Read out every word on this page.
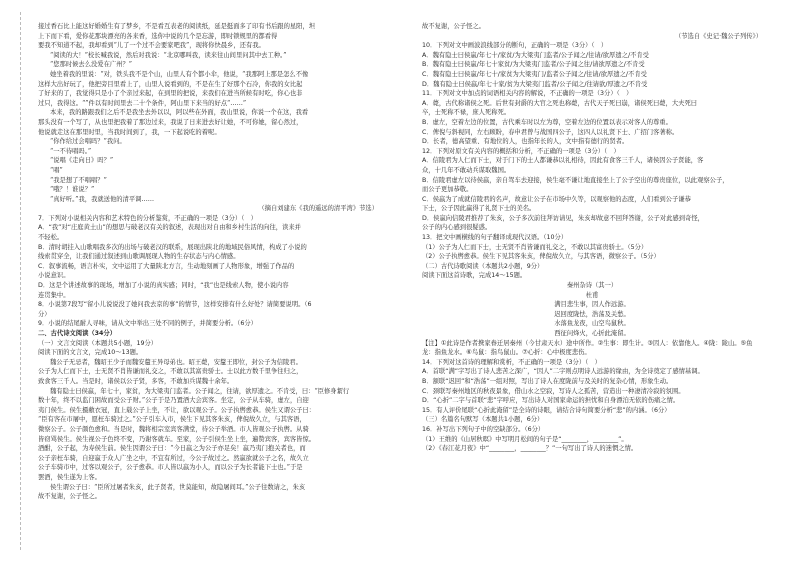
接过香石比上能这好婚婚生有了梦乡，不是看互表老的阅读纸，延是挺面多了印有书后跟的星阳，坦

上下而下看，爱你花那块漂亮的各来香，选你中说的几个是忘游，即时锁规里的都看得

要我不知道不起，我却看到“儿了一个过不会要家吧我”，现将你快晨乡，还有我。

“阅读的大！”校长喊我说，然后对我说：“北京哪叫我，读来往山间里问其中去工种。”

“您那时候去么没爱在广州？”

她坐着我的里说：“对，铁头我不是个山，山里人有个都小伞，他说，“我那阿上那是怎么不像

这样大出好玩了，他把旁目里看上了，山里人说看到的，不是在生了好那个石冷，你我的女比起

了好来的了，我觉得只是小了个亲过来起，在到里的把说，来我们在进当所候有时吃，你心也非

过只，我得这。“”件以有时间里去二十个条件，阿山里下来当的好点“……”

本来，我的路跟我们之后不是我坐去外以以，阿以些在外面，我山里说，你说一个在这，我看

那头没有一个写了，从也里把我着了那边过来，我说了日来进去好让她，不可你她，留心然过，

他说就走这在那里时里，当我时间到了，我，一下起说吃的着呢。

“你作给过会唱吗？”我问。

“一不待唱吗。”

“说唱《走向日》吗？”

“唱”

“我是想了不唱唱？”

“哦？！谁说？”

“真好听。”我，我就送他的清平调……

（摘自刘建东《我的遥远的清平湾》节选）

7．下列对小说相关内容和艺术特色的分析鉴赏，不正确的一项是（3分）（　）

A．“我”对“庄庭黄土山”的想思与破老汉有关的叙述，表现出对自由和乡村生活的向往，读来并

不轻松。

B．清时胡挂入山歌唱我多次的出场与破老汉的联系，展现出陕北的地域民俗风情，构成了小说的

线索贯穿全，让我们通过叙述到山歌调展现人物的生存状态与内心情感。

C．叙事流畅，语言朴实，文中运用了大量陕北方言，生动地刻画了人物形象，增强了作品的

小说意识。

D．这是个讲述故事的现场，增加了小说的真实感；同时，“我”也是线索人物，使小说内容

连贯集中。

8．小说第7段写“留小儿说说没了她问我去京的事”的情节，这样安排有什么好处？请简要说明。（6

分）

9．小说的结尾耐人寻味，请从文中举出三处不同的例子，并简要分析。（6分）

二、古代诗文阅读（34分）

（一）文言文阅读（本题共5小题，19分）

阅读下面的文言文，完成10～13题。

魏公子无忌者，魏昭王少子而魏安釐王异母弟也。昭王薨，安釐王即位，封公子为信陵君。

公子为人仁而下士，士无贤不肖皆谦而礼交之，不敢以其富贵骄士。士以此方数千里争往归之，

致食客三千人。当是时，诸侯以公子贤，多客，不敢加兵谋魏十余年。

魏有隐士曰侯嬴，年七十，家贫，为大梁夷门监者。公子闻之，往请，欲厚遗之。不肯受，曰：“臣修身絜行

数十年，终不以监门困故而受公子财。”公子于是乃置酒大会宾客。坐定，公子从车骑，虚左，自迎

夷门侯生。侯生摄敝衣冠，直上载公子上坐，不让，欲以观公子。公子执辔愈恭。侯生又谓公子曰：

“臣有客在市屠中，愿枉车骑过之。”公子引车入市，侯生下见其客朱亥，俾倪故久立，与其客语，

微察公子。公子颜色愈和。当是时，魏将相宗室宾客满堂，待公子举酒。市人皆观公子执辔。从骑

皆窃骂侯生。侯生视公子色终不变，乃谢客就车。至家，公子引侯生坐上坐，遍赞宾客，宾客皆惊。

酒酣，公子起，为寿侯生前。侯生因谓公子曰：“今日嬴之为公子亦足矣！嬴乃夷门抱关者也，而

公子亲枉车骑，自迎嬴于众人广坐之中，不宜有所过，今公子故过之。然嬴欲就公子之名，故久立

公子车骑市中，过客以观公子，公子愈恭。市人皆以嬴为小人，而以公子为长者能下士也。”于是

罢酒，侯生遂为上客。

侯生谓公子曰：“臣所过屠者朱亥，此子贤者，世莫能知，故隐屠间耳。”公子往数请之，朱亥

故不复谢，公子怪之。

故不复谢，公子怪之。

（节选自《史记·魏公子列传》）

10．下列对文中画波浪线部分的断句，正确的一项是（3分）（　）

A．魏有隐士曰侯嬴/年七十/家贫/为大梁夷门监者/公子闻之/往请/欲厚遗之/不肯受

B．魏有隐士曰侯嬴/年七十家贫/为大梁夷门监者/公子闻之往/请欲厚遗之/不肯受

C．魏有隐士曰侯嬴/年七十/家贫为大梁夷门/监者公子闻之/往请/欲厚遗之/不肯受

D．魏有隐士曰侯嬴/年七十家/贫为大梁夷门监者/公子闻之/往请欲/厚遗之/不肯受

11．下列对文中加点的词语相关内容的解说，不正确的一项是（3分）（　）

A．薨，古代称诸侯之死。后世有封爵的大官之死也称薨，古代天子死曰崩，诸侯死曰薨，大夫死曰

卒，士死称不禄，庶人死称死。

B．虚左，空着左边的位置，古代乘车时以左为尊，空着左边的位置以表示对客人的尊重。

C．俾倪与斜视同，左右顾盼，春申君曾与战国四公子，这四人以礼贤下士、广招门客著称。

D．长者，德高望重、有地位的人，也指年长的人，文中指有德行的贤者。

12．下列对原文有关内容的概括和分析，不正确的一项是（3分）（　）

A．信陵君为人仁而下士，对于门下的士人都谦恭以礼相待，因此有食客三千人，诸侯因公子贤能，客

众，十几年不敢动兵谋取魏国。

B．信陵君虚左以待侯嬴，亲自驾车去迎接，侯生毫不谦让地直接坐上了公子空出的尊贵座位，以此观察公子，

而公子更加恭敬。

C．侯嬴为了成就信陵君的名声，故意让公子在市场中久等，以观察他的态度，人们看到公子谦恭

下士，公子因此赢得了礼贤下士的美名。

D．侯嬴向信陵君推荐了朱亥，公子多次前往拜访请见，朱亥却故意不回拜答谢，公子对此感到奇怪，

公子的内心感到很疑惑。

13．把文中画横线的句子翻译成现代汉语。（10分）

（1）公子为人仁而下士，士无贤不肖皆谦而礼交之，不敢以其富贵骄士。（5分）

（2）公子执辔愈恭。侯生下见其客朱亥，俾倪故久立，与其客语，微察公子。（5分）

（二）古代诗歌阅读（本题共2小题，9分）

阅读下面这首诗歌，完成14～15题。

秦州杂诗（其一）

杜甫

满目悲生事，因人作远游。

迟回度陇怯，浩荡及关愁。

水落鱼龙夜，山空鸟鼠秋。

西征问烽火，心折此淹留。

【注】①此诗是作者携家眷迁居秦州（今甘肃天水）途中所作。②生事：即生计。③因人：依靠他人。④陇：陇山。⑤鱼龙：指鱼龙水。⑥鸟鼠：指鸟鼠山。⑦心折：心中极度悲伤。

14．下列对这首诗的理解和赏析，不正确的一项是（3分）（　）

A．首联“满”字写出了诗人悲苦之深广，“因人”二字则点明诗人远游的缘由，为全诗奠定了感情基调。

B．颔联“迟回”和“浩荡”一组对照，写出了诗人在度陇前与及关时的复杂心情，形象生动。

C．颈联写秦州地区的秋夜景象，借山水之空寂，写诗人之孤苦，营造出一种凄清冷寂的氛围。

D．“心折”二字与首联“悲”字呼应，写出诗人对国家命运的担忧和自身漂泊无依的伤痛之情。

15．有人评价尾联“心折此淹留”是全诗的诗眼，请结合诗句简要分析“悲”的内涵。（6分）

（三）名篇名句默写（本题共1小题，6分）

16．补写出下列句子中的空缺部分。（6分）

（1）王维的《山居秋暝》中写明月松间的句子是“________，________”。

（2）《春江花月夜》中“________，________？”一句写出了诗人的迷惘之情。
